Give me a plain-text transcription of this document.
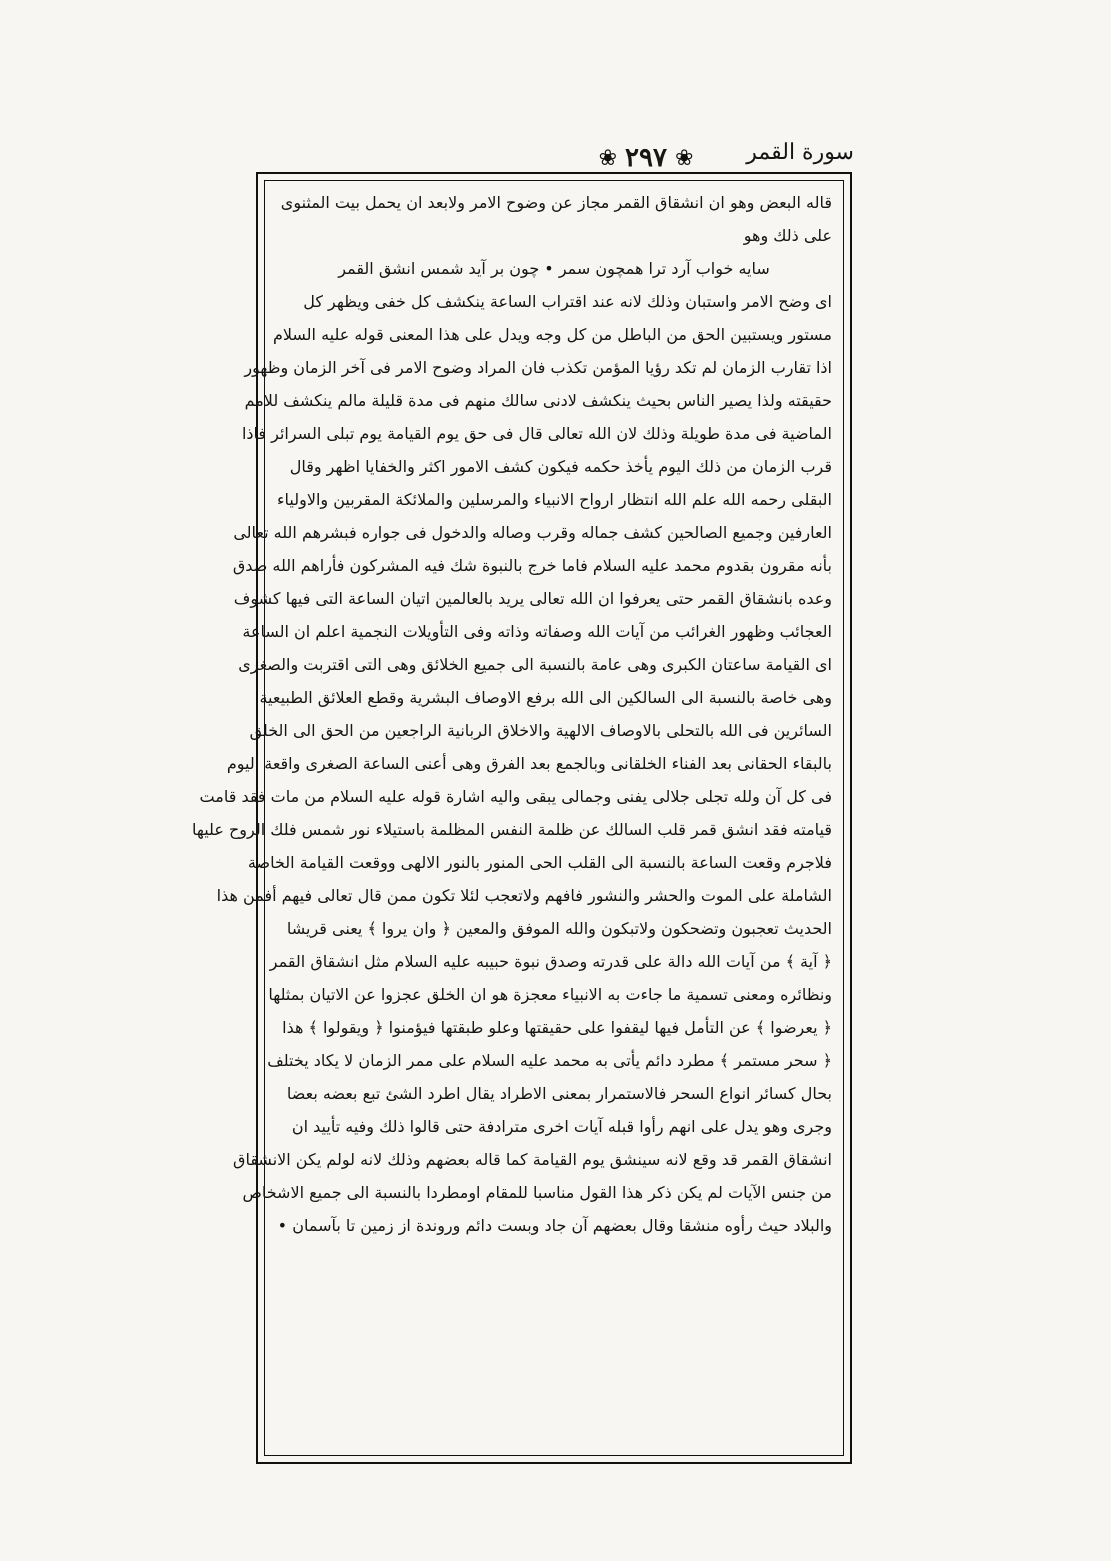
سورة القمر
❀ ٢٩٧ ❀
قاله البعض وهو ان انشقاق القمر مجاز عن وضوح الامر ولابعد ان يحمل بيت المثنوى
على ذلك وهو
سايه خواب آرد ترا همچون سمر • چون بر آيد شمس انشق القمر
اى وضح الامر واستبان وذلك لانه عند اقتراب الساعة ينكشف كل خفى ويظهر كل
مستور ويستبين الحق من الباطل من كل وجه ويدل على هذا المعنى قوله عليه السلام
اذا تقارب الزمان لم تكد رؤيا المؤمن تكذب فان المراد وضوح الامر فى آخر الزمان وظهور
حقيقته ولذا يصير الناس بحيث ينكشف لادنى سالك منهم فى مدة قليلة مالم ينكشف للامم
الماضية فى مدة طويلة وذلك لان الله تعالى قال فى حق يوم القيامة يوم تبلى السرائر فاذا
قرب الزمان من ذلك اليوم يأخذ حكمه فيكون كشف الامور اكثر والخفايا اظهر وقال
البقلى رحمه الله علم الله انتظار ارواح الانبياء والمرسلين والملائكة المقربين والاولياء
العارفين وجميع الصالحين كشف جماله وقرب وصاله والدخول فى جواره فبشرهم الله تعالى
بأنه مقرون بقدوم محمد عليه السلام فاما خرج بالنبوة شك فيه المشركون فأراهم الله صدق
وعده بانشقاق القمر حتى يعرفوا ان الله تعالى يريد بالعالمين اتيان الساعة التى فيها كشوف
العجائب وظهور الغرائب من آيات الله وصفاته وذاته وفى التأويلات النجمية اعلم ان الساعة
اى القيامة ساعتان الكبرى وهى عامة بالنسبة الى جميع الخلائق وهى التى اقتربت والصغرى
وهى خاصة بالنسبة الى السالكين الى الله برفع الاوصاف البشرية وقطع العلائق الطبيعية
السائرين فى الله بالتحلى بالاوصاف الالهية والاخلاق الربانية الراجعين من الحق الى الخلق
بالبقاء الحقانى بعد الفناء الخلقانى وبالجمع بعد الفرق وهى أعنى الساعة الصغرى واقعة اليوم
فى كل آن ولله تجلى جلالى يفنى وجمالى يبقى واليه اشارة قوله عليه السلام من مات فقد قامت
قيامته فقد انشق قمر قلب السالك عن ظلمة النفس المظلمة باستيلاء نور شمس فلك الروح عليها
فلاجرم وقعت الساعة بالنسبة الى القلب الحى المنور بالنور الالهى ووقعت القيامة الخاصة
الشاملة على الموت والحشر والنشور فافهم ولاتعجب لئلا تكون ممن قال تعالى فيهم أفمن هذا
الحديث تعجبون وتضحكون ولاتبكون والله الموفق والمعين ﴿ وان يروا ﴾ يعنى قريشا
﴿ آية ﴾ من آيات الله دالة على قدرته وصدق نبوة حبيبه عليه السلام مثل انشقاق القمر
ونظائره ومعنى تسمية ما جاءت به الانبياء معجزة هو ان الخلق عجزوا عن الاتيان بمثلها
﴿ يعرضوا ﴾ عن التأمل فيها ليقفوا على حقيقتها وعلو طبقتها فيؤمنوا ﴿ ويقولوا ﴾ هذا
﴿ سحر مستمر ﴾ مطرد دائم يأتى به محمد عليه السلام على ممر الزمان لا يكاد يختلف
بحال كسائر انواع السحر فالاستمرار بمعنى الاطراد يقال اطرد الشئ تبع بعضه بعضا
وجرى وهو يدل على انهم رأوا قبله آيات اخرى مترادفة حتى قالوا ذلك وفيه تأييد ان
انشقاق القمر قد وقع لانه سينشق يوم القيامة كما قاله بعضهم وذلك لانه لولم يكن الانشقاق
من جنس الآيات لم يكن ذكر هذا القول مناسبا للمقام اومطردا بالنسبة الى جميع الاشخاص
والبلاد حيث رأوه منشقا وقال بعضهم آن جاد وبست دائم وروندة از زمين تا بآسمان •
